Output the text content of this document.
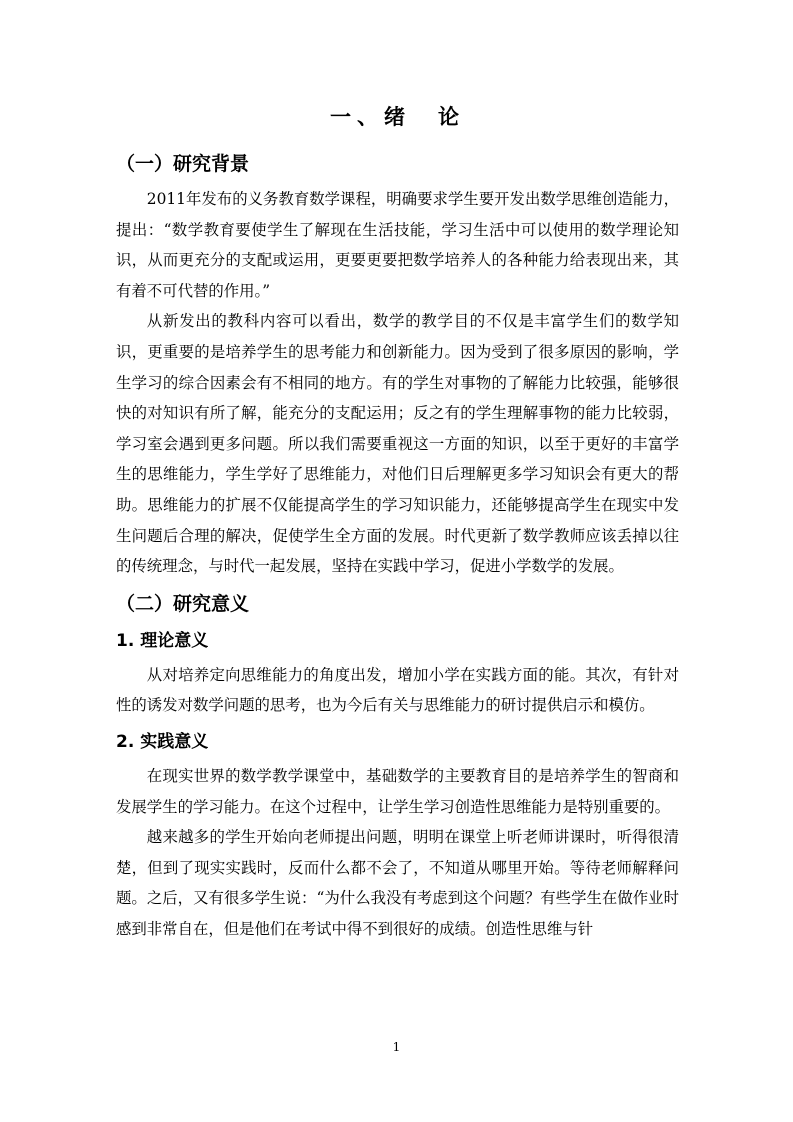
一、绪　论
（一）研究背景

2011年发布的义务教育数学课程，明确要求学生要开发出数学思维创造能力，提出：“数学教育要使学生了解现在生活技能，学习生活中可以使用的数学理论知识，从而更充分的支配或运用，更要更要把数学培养人的各种能力给表现出来，其有着不可代替的作用。”

从新发出的教科内容可以看出，数学的教学目的不仅是丰富学生们的数学知识，更重要的是培养学生的思考能力和创新能力。因为受到了很多原因的影响，学生学习的综合因素会有不相同的地方。有的学生对事物的了解能力比较强，能够很快的对知识有所了解，能充分的支配运用；反之有的学生理解事物的能力比较弱，学习室会遇到更多问题。所以我们需要重视这一方面的知识，以至于更好的丰富学生的思维能力，学生学好了思维能力，对他们日后理解更多学习知识会有更大的帮助。思维能力的扩展不仅能提高学生的学习知识能力，还能够提高学生在现实中发生问题后合理的解决，促使学生全方面的发展。时代更新了数学教师应该丢掉以往的传统理念，与时代一起发展，坚持在实践中学习，促进小学数学的发展。

（二）研究意义
1. 理论意义

从对培养定向思维能力的角度出发，增加小学在实践方面的能。其次，有针对性的诱发对数学问题的思考，也为今后有关与思维能力的研讨提供启示和模仿。

2. 实践意义

在现实世界的数学教学课堂中，基础数学的主要教育目的是培养学生的智商和发展学生的学习能力。在这个过程中，让学生学习创造性思维能力是特别重要的。

越来越多的学生开始向老师提出问题，明明在课堂上听老师讲课时，听得很清楚，但到了现实实践时，反而什么都不会了，不知道从哪里开始。等待老师解释问题。之后，又有很多学生说：“为什么我没有考虑到这个问题？有些学生在做作业时感到非常自在，但是他们在考试中得不到很好的成绩。创造性思维与针

1
